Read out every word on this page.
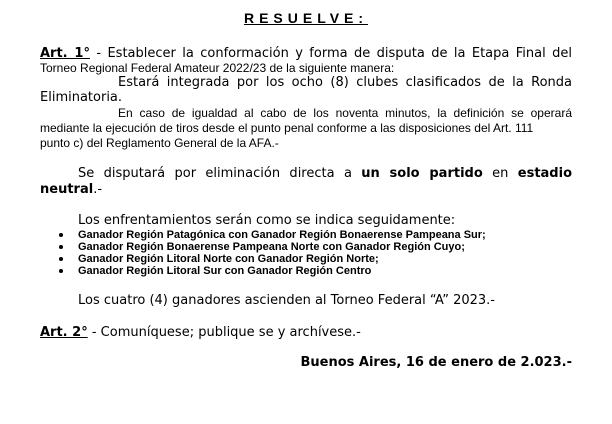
RESUELVE:
Art. 1° - Establecer la conformación y forma de disputa de la Etapa Final del
Torneo Regional Federal Amateur 2022/23 de la siguiente manera:
Estará integrada por los ocho (8) clubes clasificados de la Ronda
Eliminatoria.
En caso de igualdad al cabo de los noventa minutos, la definición se operará
mediante la ejecución de tiros desde el punto penal conforme a las disposiciones del Art. 111
punto c) del Reglamento General de la AFA.-
Se disputará por eliminación directa a un solo partido en estadio
neutral.-
Los enfrentamientos serán como se indica seguidamente:
Ganador Región Patagónica con Ganador Región Bonaerense Pampeana Sur;
Ganador Región Bonaerense Pampeana Norte con Ganador Región Cuyo;
Ganador Región Litoral Norte con Ganador Región Norte;
Ganador Región Litoral Sur con Ganador Región Centro
Los cuatro (4) ganadores ascienden al Torneo Federal “A” 2023.-
Art. 2° - Comuníquese; publique se y archívese.-
Buenos Aires, 16 de enero de 2.023.-
